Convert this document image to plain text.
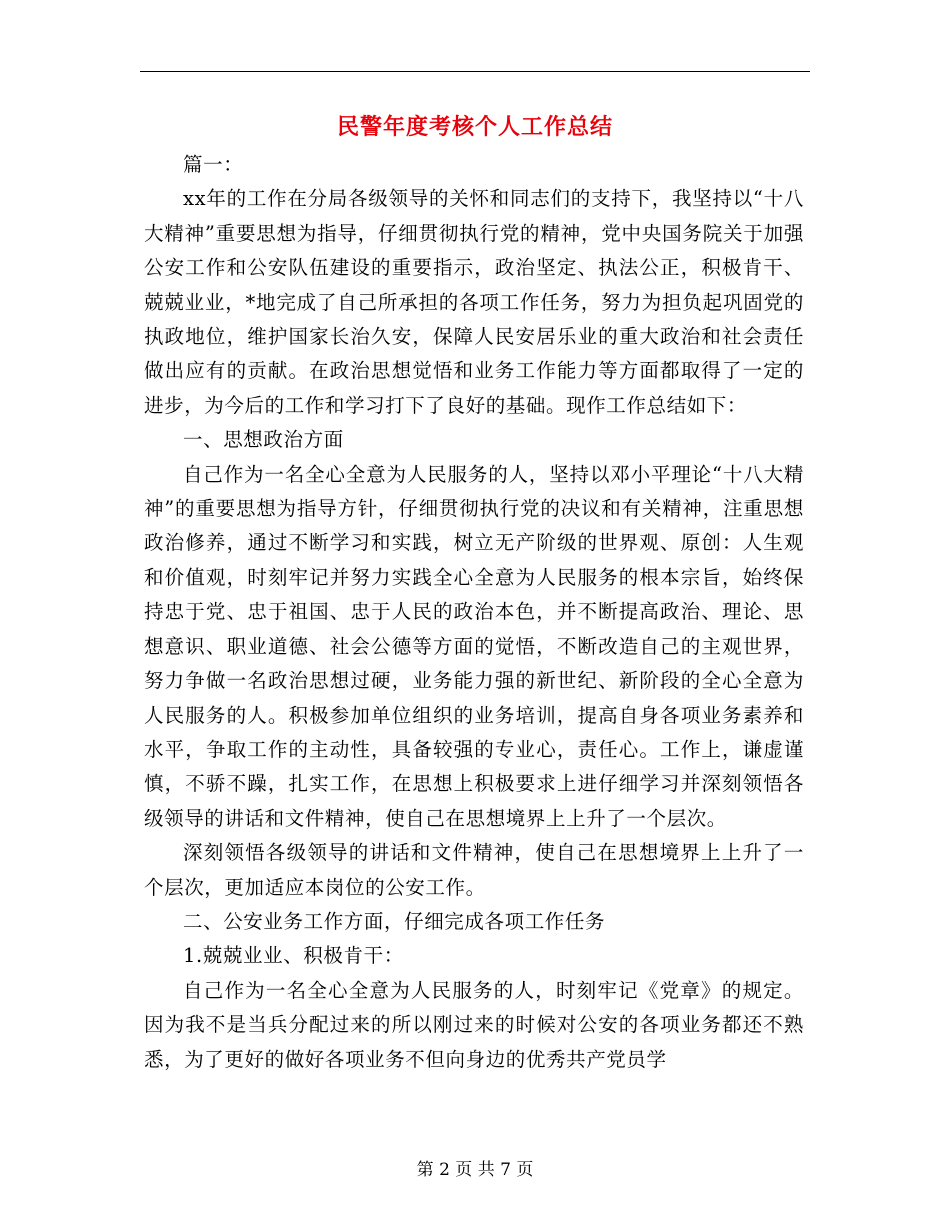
民警年度考核个人工作总结

篇一：

xx年的工作在分局各级领导的关怀和同志们的支持下，我坚持以“十八大精神”重要思想为指导，仔细贯彻执行党的精神，党中央国务院关于加强公安工作和公安队伍建设的重要指示，政治坚定、执法公正，积极肯干、兢兢业业，*地完成了自己所承担的各项工作任务，努力为担负起巩固党的执政地位，维护国家长治久安，保障人民安居乐业的重大政治和社会责任做出应有的贡献。在政治思想觉悟和业务工作能力等方面都取得了一定的进步，为今后的工作和学习打下了良好的基础。现作工作总结如下：

一、思想政治方面

自己作为一名全心全意为人民服务的人，坚持以邓小平理论“十八大精神”的重要思想为指导方针，仔细贯彻执行党的决议和有关精神，注重思想政治修养，通过不断学习和实践，树立无产阶级的世界观、原创：人生观和价值观，时刻牢记并努力实践全心全意为人民服务的根本宗旨，始终保持忠于党、忠于祖国、忠于人民的政治本色，并不断提高政治、理论、思想意识、职业道德、社会公德等方面的觉悟，不断改造自己的主观世界，努力争做一名政治思想过硬，业务能力强的新世纪、新阶段的全心全意为人民服务的人。积极参加单位组织的业务培训，提高自身各项业务素养和水平，争取工作的主动性，具备较强的专业心，责任心。工作上，谦虚谨慎，不骄不躁，扎实工作，在思想上积极要求上进仔细学习并深刻领悟各级领导的讲话和文件精神，使自己在思想境界上上升了一个层次。

深刻领悟各级领导的讲话和文件精神，使自己在思想境界上上升了一个层次，更加适应本岗位的公安工作。

二、公安业务工作方面，仔细完成各项工作任务

1.兢兢业业、积极肯干：

自己作为一名全心全意为人民服务的人，时刻牢记《党章》的规定。因为我不是当兵分配过来的所以刚过来的时候对公安的各项业务都还不熟悉，为了更好的做好各项业务不但向身边的优秀共产党员学

第 2 页 共 7 页
